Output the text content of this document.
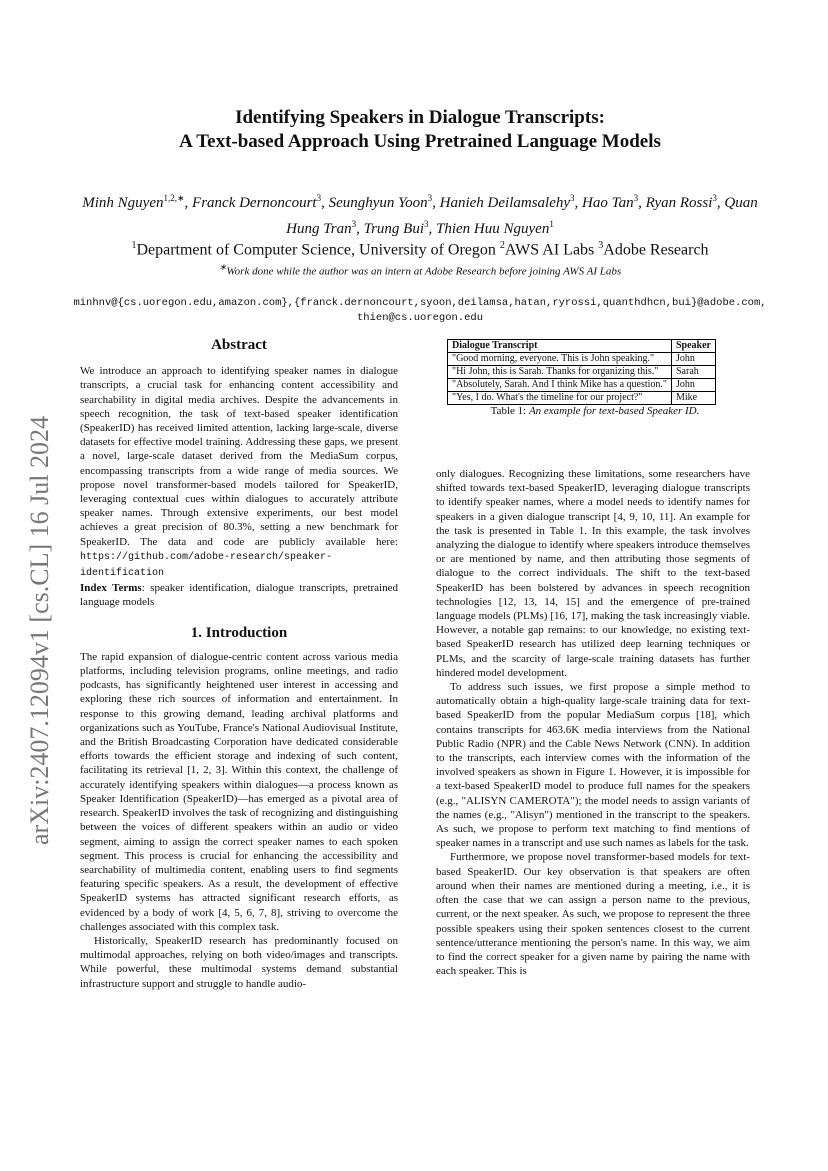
arXiv:2407.12094v1 [cs.CL] 16 Jul 2024
Identifying Speakers in Dialogue Transcripts:
A Text-based Approach Using Pretrained Language Models
Minh Nguyen$^{1,2,∗}$, Franck Dernoncourt$^3$, Seunghyun Yoon$^3$, Hanieh Deilamsalehy$^3$, Hao Tan$^3$, Ryan Rossi$^3$, Quan Hung Tran$^3$, Trung Bui$^3$, Thien Huu Nguyen$^1$
$^1$Department of Computer Science, University of Oregon $^2$AWS AI Labs $^3$Adobe Research
∗Work done while the author was an intern at Adobe Research before joining AWS AI Labs
minhnv@{cs.uoregon.edu,amazon.com},{franck.dernoncourt,syoon,deilamsa,hatan,ryrossi,quanthdhcn,bui}@adobe.com,
thien@cs.uoregon.edu

Abstract

We introduce an approach to identifying speaker names in dialogue transcripts, a crucial task for enhancing content accessibility and searchability in digital media archives. Despite the advancements in speech recognition, the task of text-based speaker identification (SpeakerID) has received limited attention, lacking large-scale, diverse datasets for effective model training. Addressing these gaps, we present a novel, large-scale dataset derived from the MediaSum corpus, encompassing transcripts from a wide range of media sources. We propose novel transformer-based models tailored for SpeakerID, leveraging contextual cues within dialogues to accurately attribute speaker names. Through extensive experiments, our best model achieves a great precision of 80.3%, setting a new benchmark for SpeakerID. The data and code are publicly available here: https://github.com/adobe-research/speaker-identification

Index Terms: speaker identification, dialogue transcripts, pretrained language models

1. Introduction

The rapid expansion of dialogue-centric content across various media platforms, including television programs, online meetings, and radio podcasts, has significantly heightened user interest in accessing and exploring these rich sources of information and entertainment. In response to this growing demand, leading archival platforms and organizations such as YouTube, France's National Audiovisual Institute, and the British Broadcasting Corporation have dedicated considerable efforts towards the efficient storage and indexing of such content, facilitating its retrieval [1, 2, 3]. Within this context, the challenge of accurately identifying speakers within dialogues—a process known as Speaker Identification (SpeakerID)—has emerged as a pivotal area of research. SpeakerID involves the task of recognizing and distinguishing between the voices of different speakers within an audio or video segment, aiming to assign the correct speaker names to each spoken segment. This process is crucial for enhancing the accessibility and searchability of multimedia content, enabling users to find segments featuring specific speakers. As a result, the development of effective SpeakerID systems has attracted significant research efforts, as evidenced by a body of work [4, 5, 6, 7, 8], striving to overcome the challenges associated with this complex task.

Historically, SpeakerID research has predominantly focused on multimodal approaches, relying on both video/images and transcripts. While powerful, these multimodal systems demand substantial infrastructure support and struggle to handle audio-

Dialogue Transcript	Speaker
"Good morning, everyone. This is John speaking."	John
"Hi John, this is Sarah. Thanks for organizing this."	Sarah
"Absolutely, Sarah. And I think Mike has a question."	John
"Yes, I do. What's the timeline for our project?"	Mike
Table 1: An example for text-based Speaker ID.

only dialogues. Recognizing these limitations, some researchers have shifted towards text-based SpeakerID, leveraging dialogue transcripts to identify speaker names, where a model needs to identify names for speakers in a given dialogue transcript [4, 9, 10, 11]. An example for the task is presented in Table 1. In this example, the task involves analyzing the dialogue to identify where speakers introduce themselves or are mentioned by name, and then attributing those segments of dialogue to the correct individuals. The shift to the text-based SpeakerID has been bolstered by advances in speech recognition technologies [12, 13, 14, 15] and the emergence of pre-trained language models (PLMs) [16, 17], making the task increasingly viable. However, a notable gap remains: to our knowledge, no existing text-based SpeakerID research has utilized deep learning techniques or PLMs, and the scarcity of large-scale training datasets has further hindered model development.

To address such issues, we first propose a simple method to automatically obtain a high-quality large-scale training data for text-based SpeakerID from the popular MediaSum corpus [18], which contains transcripts for 463.6K media interviews from the National Public Radio (NPR) and the Cable News Network (CNN). In addition to the transcripts, each interview comes with the information of the involved speakers as shown in Figure 1. However, it is impossible for a text-based SpeakerID model to produce full names for the speakers (e.g., "ALISYN CAMEROTA"); the model needs to assign variants of the names (e.g., "Alisyn") mentioned in the transcript to the speakers. As such, we propose to perform text matching to find mentions of speaker names in a transcript and use such names as labels for the task.

Furthermore, we propose novel transformer-based models for text-based SpeakerID. Our key observation is that speakers are often around when their names are mentioned during a meeting, i.e., it is often the case that we can assign a person name to the previous, current, or the next speaker. As such, we propose to represent the three possible speakers using their spoken sentences closest to the current sentence/utterance mentioning the person's name. In this way, we aim to find the correct speaker for a given name by pairing the name with each speaker. This is
